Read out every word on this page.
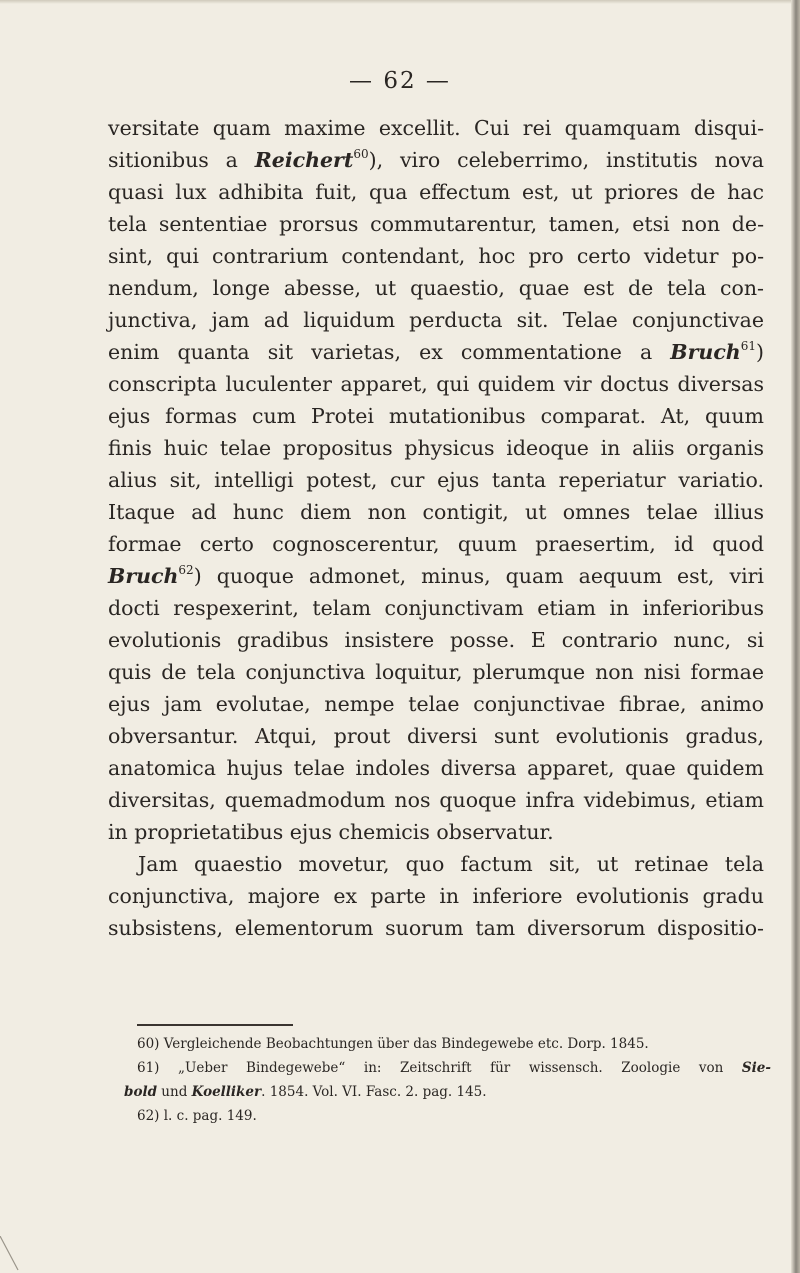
— 62 —
versitate quam maxime excellit. Cui rei quamquam disqui-
sitionibus a Reichert$^{60}$), viro celeberrimo, institutis nova
quasi lux adhibita fuit, qua effectum est, ut priores de hac
tela sententiae prorsus commutarentur, tamen, etsi non de-
sint, qui contrarium contendant, hoc pro certo videtur po-
nendum, longe abesse, ut quaestio, quae est de tela con-
junctiva, jam ad liquidum perducta sit. Telae conjunctivae
enim quanta sit varietas, ex commentatione a Bruch$^{61}$)
conscripta luculenter apparet, qui quidem vir doctus diversas
ejus formas cum Protei mutationibus comparat. At, quum
finis huic telae propositus physicus ideoque in aliis organis
alius sit, intelligi potest, cur ejus tanta reperiatur variatio.
Itaque ad hunc diem non contigit, ut omnes telae illius
formae certo cognoscerentur, quum praesertim, id quod
Bruch$^{62}$) quoque admonet, minus, quam aequum est, viri
docti respexerint, telam conjunctivam etiam in inferioribus
evolutionis gradibus insistere posse. E contrario nunc, si
quis de tela conjunctiva loquitur, plerumque non nisi formae
ejus jam evolutae, nempe telae conjunctivae fibrae, animo
obversantur. Atqui, prout diversi sunt evolutionis gradus,
anatomica hujus telae indoles diversa apparet, quae quidem
diversitas, quemadmodum nos quoque infra videbimus, etiam
in proprietatibus ejus chemicis observatur.
Jam quaestio movetur, quo factum sit, ut retinae tela
conjunctiva, majore ex parte in inferiore evolutionis gradu
subsistens, elementorum suorum tam diversorum dispositio-
60) Vergleichende Beobachtungen über das Bindegewebe etc. Dorp. 1845.
61) „Ueber Bindegewebe“ in: Zeitschrift für wissensch. Zoologie von Sie-
bold und Koelliker. 1854. Vol. VI. Fasc. 2. pag. 145.
62) l. c. pag. 149.
